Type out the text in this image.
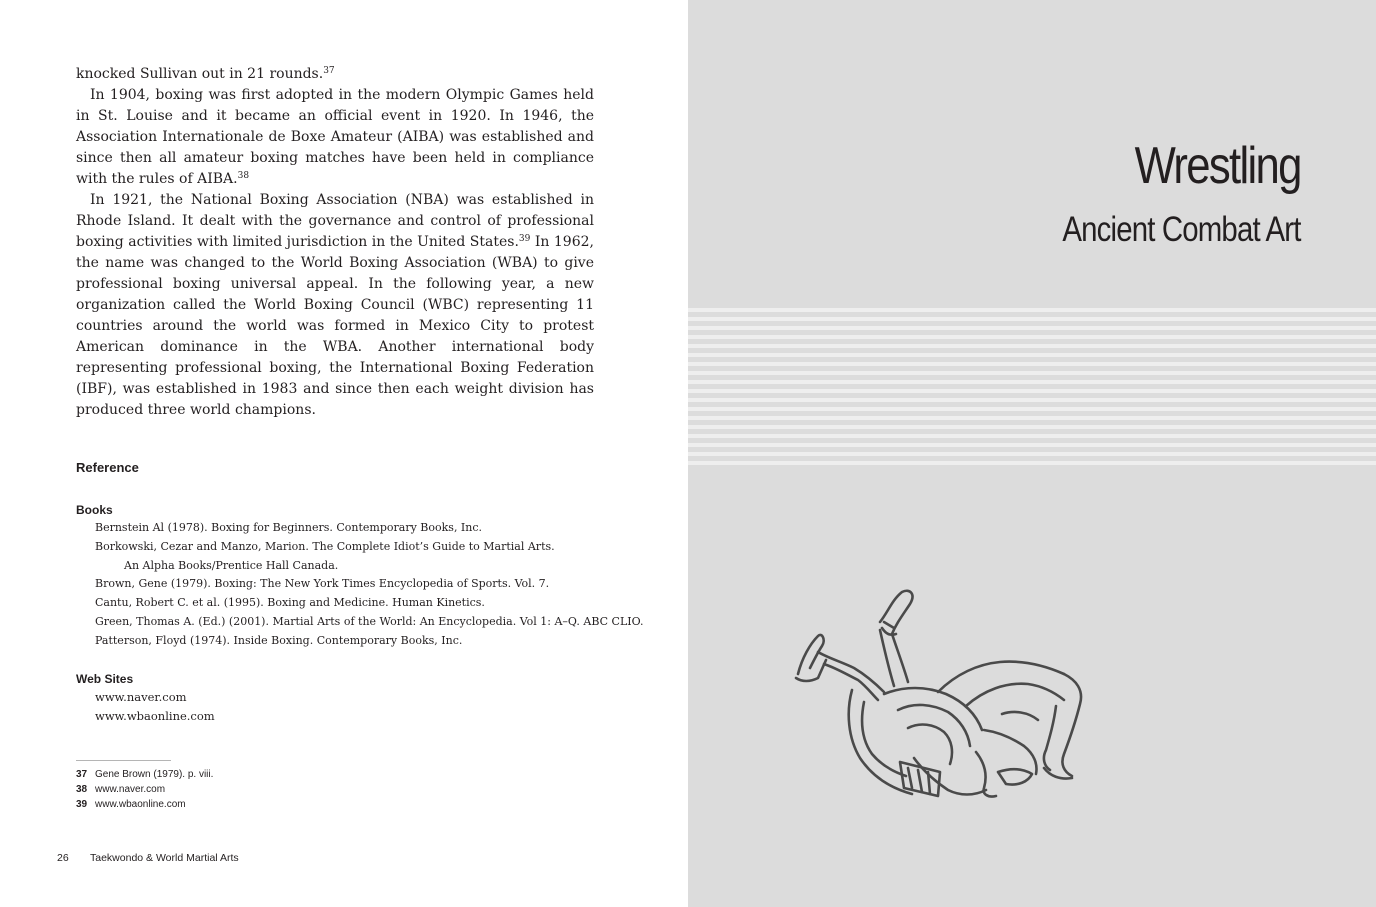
knocked Sullivan out in 21 rounds.$^{37}$

In 1904, boxing was first adopted in the modern Olympic Games held in St. Louise and it became an official event in 1920. In 1946, the Association Internationale de Boxe Amateur (AIBA) was established and since then all amateur boxing matches have been held in compliance with the rules of AIBA.$^{38}$

In 1921, the National Boxing Association (NBA) was established in Rhode Island. It dealt with the governance and control of professional boxing activities with limited jurisdiction in the United States.$^{39}$ In 1962, the name was changed to the World Boxing Association (WBA) to give professional boxing universal appeal. In the following year, a new organization called the World Boxing Council (WBC) representing 11 countries around the world was formed in Mexico City to protest American dominance in the WBA. Another international body representing professional boxing, the International Boxing Federation (IBF), was established in 1983 and since then each weight division has produced three world champions.

Reference
Books
Bernstein Al (1978). Boxing for Beginners. Contemporary Books, Inc.
Borkowski, Cezar and Manzo, Marion. The Complete Idiot’s Guide to Martial Arts.
An Alpha Books/Prentice Hall Canada.
Brown, Gene (1979). Boxing: The New York Times Encyclopedia of Sports. Vol. 7.
Cantu, Robert C. et al. (1995). Boxing and Medicine. Human Kinetics.
Green, Thomas A. (Ed.) (2001). Martial Arts of the World: An Encyclopedia. Vol 1: A–Q. ABC CLIO.
Patterson, Floyd (1974). Inside Boxing. Contemporary Books, Inc.
Web Sites
www.naver.com
www.wbaonline.com
37 Gene Brown (1979). p. viii.
38 www.naver.com
39 www.wbaonline.com
26 Taekwondo & World Martial Arts
Wrestling
Ancient Combat Art
